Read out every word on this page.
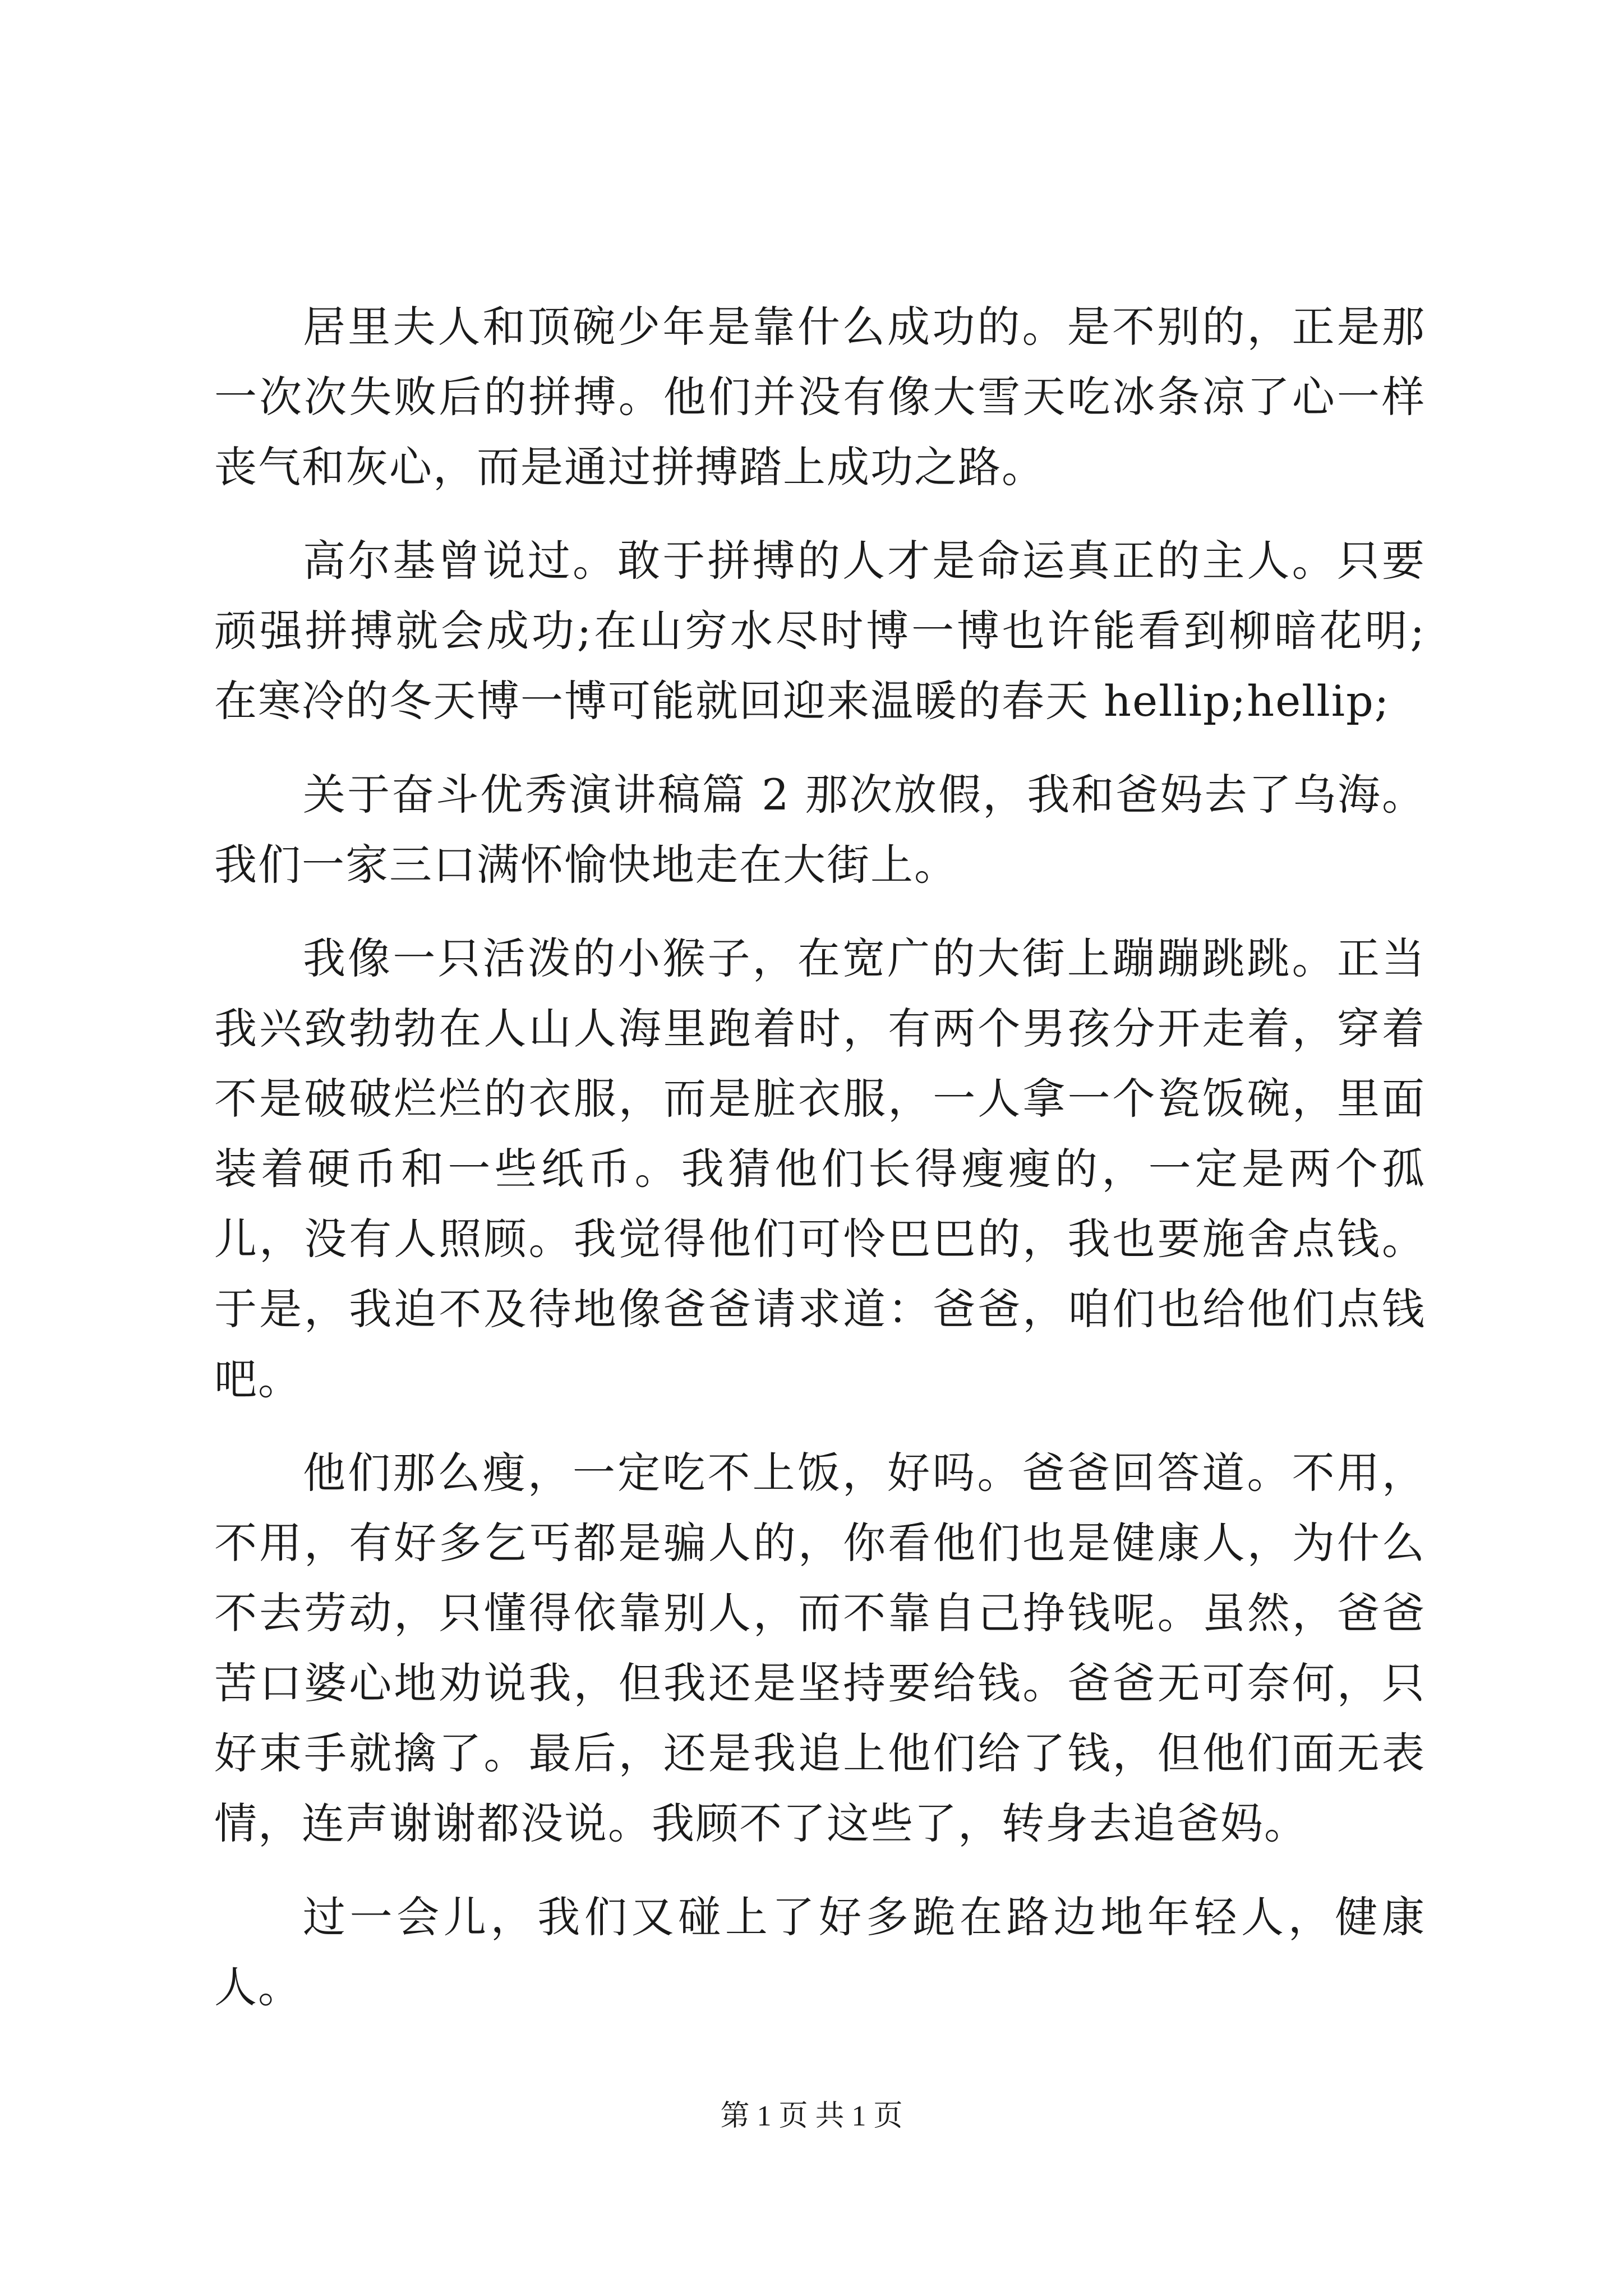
居里夫人和顶碗少年是靠什么成功的。是不别的，正是那一次次失败后的拼搏。他们并没有像大雪天吃冰条凉了心一样丧气和灰心，而是通过拼搏踏上成功之路。

高尔基曾说过。敢于拼搏的人才是命运真正的主人。只要顽强拼搏就会成功;在山穷水尽时博一博也许能看到柳暗花明;在寒冷的冬天博一博可能就回迎来温暖的春天 hellip;hellip;

关于奋斗优秀演讲稿篇 2 那次放假，我和爸妈去了乌海。我们一家三口满怀愉快地走在大街上。

我像一只活泼的小猴子，在宽广的大街上蹦蹦跳跳。正当我兴致勃勃在人山人海里跑着时，有两个男孩分开走着，穿着不是破破烂烂的衣服，而是脏衣服，一人拿一个瓷饭碗，里面装着硬币和一些纸币。我猜他们长得瘦瘦的，一定是两个孤儿，没有人照顾。我觉得他们可怜巴巴的，我也要施舍点钱。于是，我迫不及待地像爸爸请求道：爸爸，咱们也给他们点钱吧。

他们那么瘦，一定吃不上饭，好吗。爸爸回答道。不用，不用，有好多乞丐都是骗人的，你看他们也是健康人，为什么不去劳动，只懂得依靠别人，而不靠自己挣钱呢。虽然，爸爸苦口婆心地劝说我，但我还是坚持要给钱。爸爸无可奈何，只好束手就擒了。最后，还是我追上他们给了钱，但他们面无表情，连声谢谢都没说。我顾不了这些了，转身去追爸妈。

过一会儿，我们又碰上了好多跪在路边地年轻人，健康人。

第 1 页 共 1 页
